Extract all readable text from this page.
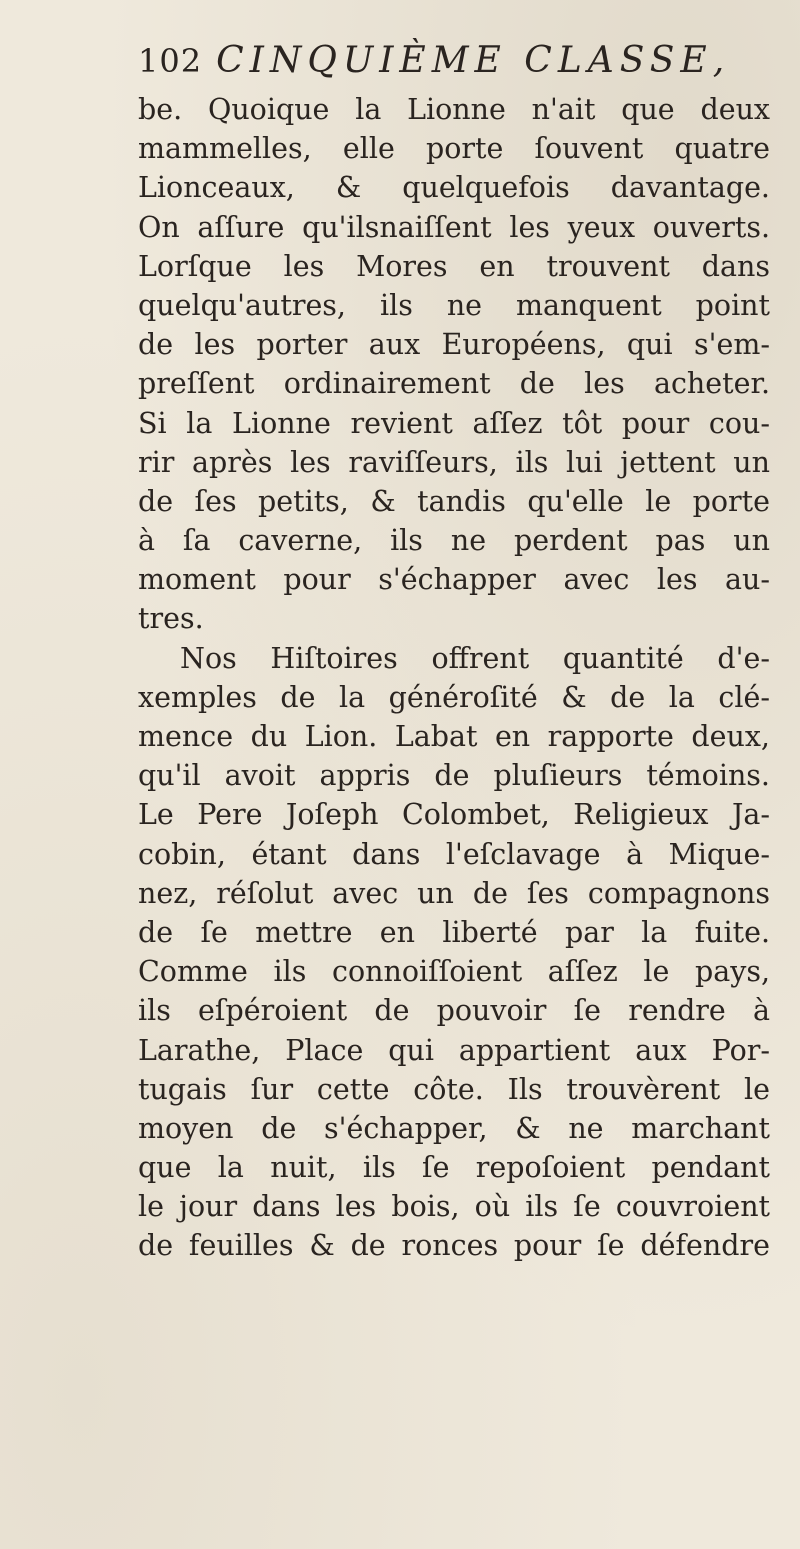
102 CINQUIÈME CLASSE,
be. Quoique la Lionne n'ait que deux
mammelles, elle porte ſouvent quatre
Lionceaux, & quelquefois davantage.
On aſſure qu'ilsnaiſſent les yeux ouverts.
Lorſque les Mores en trouvent dans
quelqu'autres, ils ne manquent point
de les porter aux Européens, qui s'em-
preſſent ordinairement de les acheter.
Si la Lionne revient aſſez tôt pour cou-
rir après les raviſſeurs, ils lui jettent un
de ſes petits, & tandis qu'elle le porte
à ſa caverne, ils ne perdent pas un
moment pour s'échapper avec les au-
tres.
Nos Hiſtoires offrent quantité d'e-
xemples de la généroſité & de la clé-
mence du Lion. Labat en rapporte deux,
qu'il avoit appris de pluſieurs témoins.
Le Pere Joſeph Colombet, Religieux Ja-
cobin, étant dans l'eſclavage à Mique-
nez, réſolut avec un de ſes compagnons
de ſe mettre en liberté par la fuite.
Comme ils connoiſſoient aſſez le pays,
ils eſpéroient de pouvoir ſe rendre à
Larathe, Place qui appartient aux Por-
tugais ſur cette côte. Ils trouvèrent le
moyen de s'échapper, & ne marchant
que la nuit, ils ſe repoſoient pendant
le jour dans les bois, où ils ſe couvroient
de feuilles & de ronces pour ſe défendre
